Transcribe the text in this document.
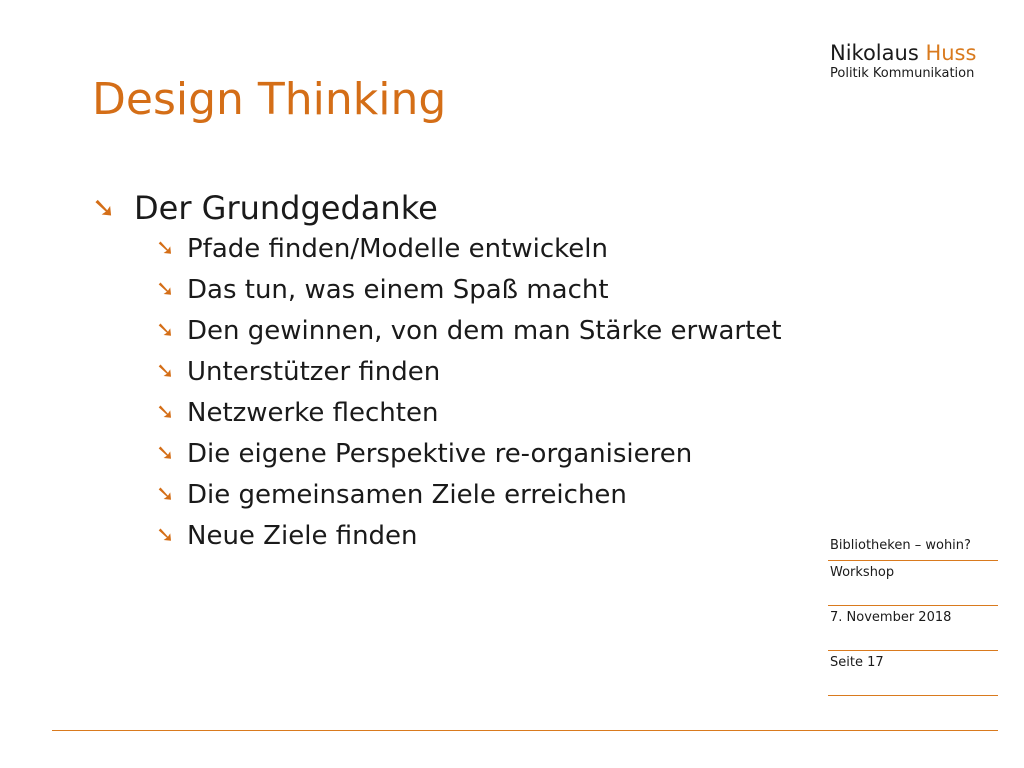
Nikolaus Huss
Politik Kommunikation
Design Thinking
➘ Der Grundgedanke
➘ Pfade finden/Modelle entwickeln
➘ Das tun, was einem Spaß macht
➘ Den gewinnen, von dem man Stärke erwartet
➘ Unterstützer finden
➘ Netzwerke flechten
➘ Die eigene Perspektive re-organisieren
➘ Die gemeinsamen Ziele erreichen
➘ Neue Ziele finden	Bibliotheken – wohin?
Workshop
7. November 2018
Seite 17
